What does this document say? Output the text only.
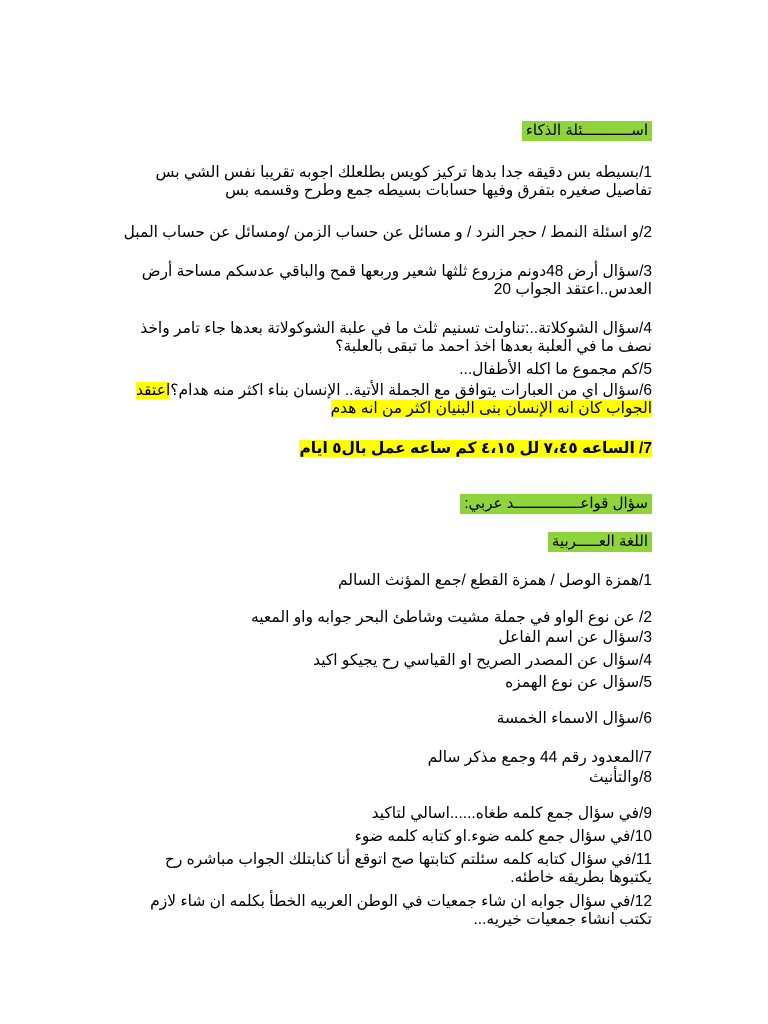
اســـــــــــئلة الذكاء
1/بسيطه بس دقيقه جدا بدها تركيز كويس بطلعلك اجوبه تقريبا نفس الشي بس تفاصيل صغيره بتفرق وفيها حسابات بسيطه جمع وطرح وقسمه بس
2/و اسئلة النمط / حجر النرد / و مسائل عن حساب الزمن /ومسائل عن حساب المبل
3/سؤال أرض 48دونم مزروع ثلثها شعير وربعها قمح والباقي عدسكم مساحة أرض العدس..اعتقد الجواب 20
4/سؤال الشوكلاتة..:تناولت تسنيم ثلث ما في علبة الشوكولاتة بعدها جاء تامر واخذ نصف ما في العلبة بعدها اخذ احمد ما تبقى بالعلبة؟
5/كم مجموع ما اكله الأطفال...
6/سؤال اي من العبارات يتوافق مع الجملة الأتية.. الإنسان بناء اكثر منه هدام؟اعتقد الجواب كان انه الإنسان بنى البنيان اكثر من انه هدم
7/ الساعه ٧،٤٥ لل ٤،١٥ كم ساعه عمل بال٥ ايام
سؤال قواعـــــــــــــــد عربي:
اللغة العـــــربية
1/همزة الوصل / همزة القطع /جمع المؤنث السالم
2/ عن نوع الواو في جملة مشيت وشاطئ البحر جوابه واو المعيه
3/سؤال عن اسم الفاعل
4/سؤال عن المصدر الصريح او القياسي رح يجيكو اكيد
5/سؤال عن نوع الهمزه
6/سؤال الاسماء الخمسة
7/المعدود رقم 44 وجمع مذكر سالم
8/والتأنيث
9/في سؤال جمع كلمه طغاه......اسالي لتاكيد
10/في سؤال جمع كلمه ضوء.او كتابه كلمه ضوء
11/في سؤال كتابه كلمه سئلتم كتابتها صح اتوقع أنا كنابتلك الجواب مباشره رح يكتبوها بطريقه خاطئه.
12/في سؤال جوابه ان شاء جمعيات في الوطن العربيه الخطأ بكلمه ان شاء لازم تكتب انشاء جمعيات خيريه...
